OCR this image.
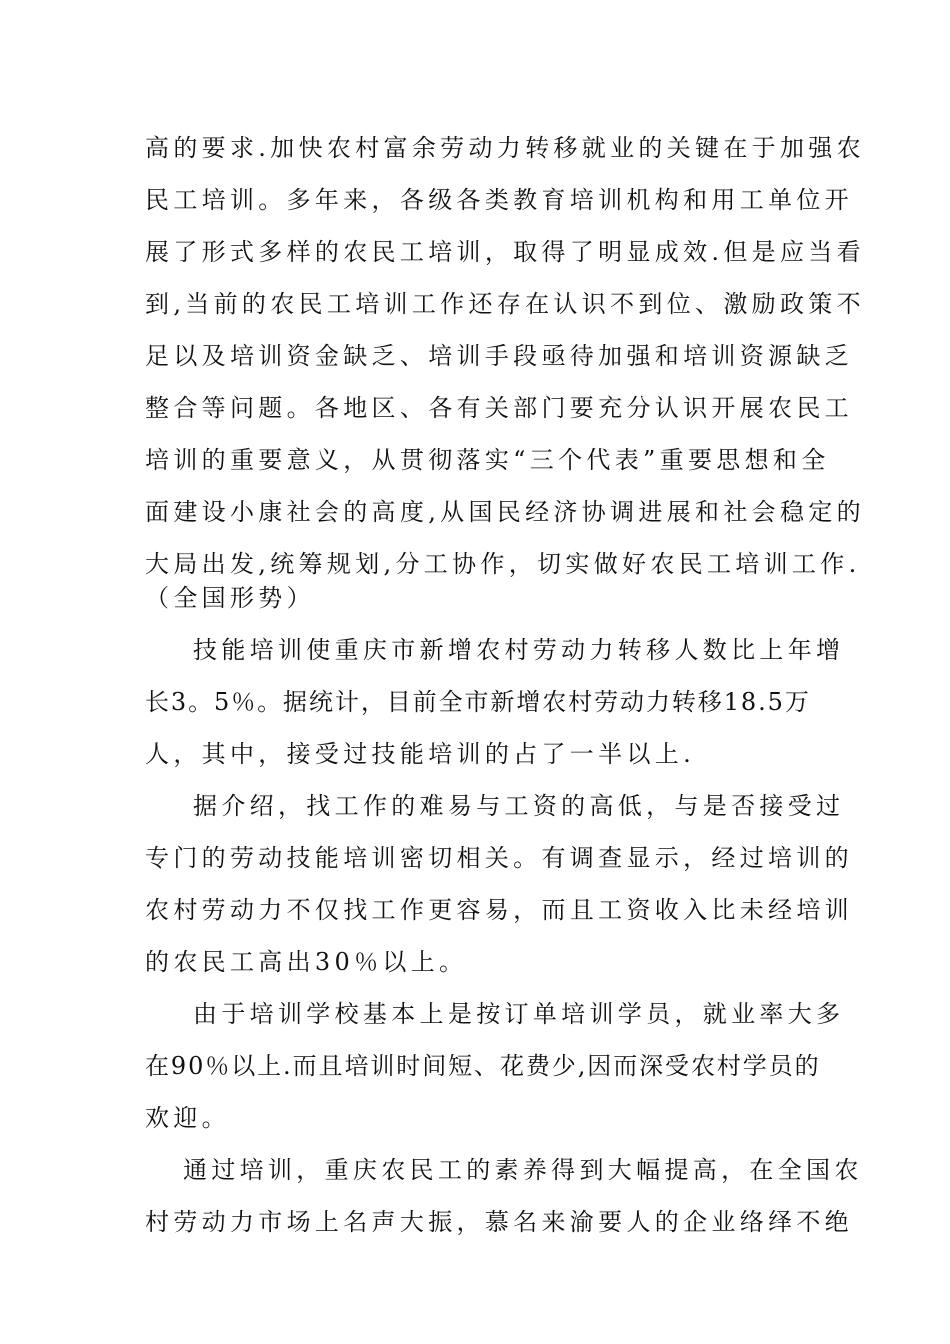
高的要求.加快农村富余劳动力转移就业的关键在于加强农
民工培训。多年来，各级各类教育培训机构和用工单位开
展了形式多样的农民工培训，取得了明显成效.但是应当看
到,当前的农民工培训工作还存在认识不到位、激励政策不
足以及培训资金缺乏、培训手段亟待加强和培训资源缺乏
整合等问题。各地区、各有关部门要充分认识开展农民工
培训的重要意义，从贯彻落实“三个代表”重要思想和全
面建设小康社会的高度,从国民经济协调进展和社会稳定的
大局出发,统筹规划,分工协作，切实做好农民工培训工作.
（全国形势）
技能培训使重庆市新增农村劳动力转移人数比上年增
长3。5％。据统计，目前全市新增农村劳动力转移18.5万
人，其中，接受过技能培训的占了一半以上.
据介绍，找工作的难易与工资的高低，与是否接受过
专门的劳动技能培训密切相关。有调查显示，经过培训的
农村劳动力不仅找工作更容易，而且工资收入比未经培训
的农民工高出30％以上。
由于培训学校基本上是按订单培训学员，就业率大多
在90％以上.而且培训时间短、花费少,因而深受农村学员的
欢迎。
通过培训，重庆农民工的素养得到大幅提高，在全国农
村劳动力市场上名声大振，慕名来渝要人的企业络绎不绝
